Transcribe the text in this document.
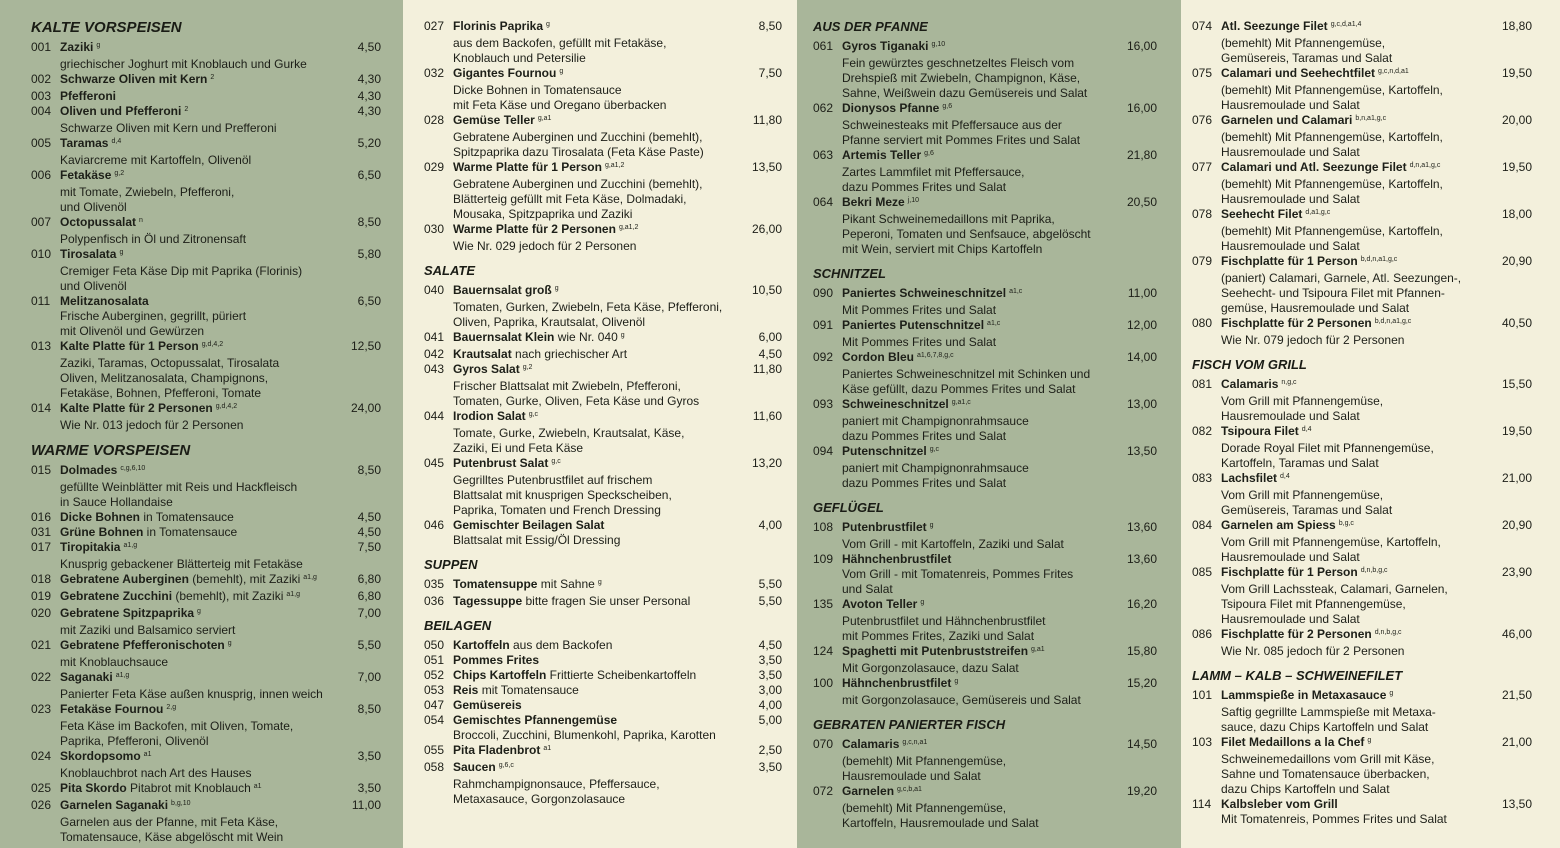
KALTE VORSPEISEN
001 Zaziki $^g$	4,50
griechischer Joghurt mit Knoblauch und Gurke
002 Schwarze Oliven mit Kern $^2$	4,30
003 Pfefferoni	4,30
004 Oliven und Pfefferoni $^2$	4,30
Schwarze Oliven mit Kern und Prefferoni
005 Taramas $^{d,4}$	5,20
Kaviarcreme mit Kartoffeln, Olivenöl
006 Fetakäse $^{g,2}$	6,50
mit Tomate, Zwiebeln, Pfefferoni,
und Olivenöl
007 Octopussalat $^n$	8,50
Polypenfisch in Öl und Zitronensaft
010 Tirosalata $^g$	5,80
Cremiger Feta Käse Dip mit Paprika (Florinis)
und Olivenöl
011 Melitzanosalata	6,50
Frische Auberginen, gegrillt, püriert
mit Olivenöl und Gewürzen
013 Kalte Platte für 1 Person $^{g,d,4,2}$	12,50
Zaziki, Taramas, Octopussalat, Tirosalata
Oliven, Melitzanosalata, Champignons,
Fetakäse, Bohnen, Pfefferoni, Tomate
014 Kalte Platte für 2 Personen $^{g,d,4,2}$	24,00
Wie Nr. 013 jedoch für 2 Personen
WARME VORSPEISEN
015 Dolmades $^{c,g,6,10}$	8,50
gefüllte Weinblätter mit Reis und Hackfleisch
in Sauce Hollandaise
016 Dicke Bohnen in Tomatensauce	4,50
031 Grüne Bohnen in Tomatensauce	4,50
017 Tiropitakia $^{a1,g}$	7,50
Knusprig gebackener Blätterteig mit Fetakäse
018 Gebratene Auberginen (bemehlt), mit Zaziki $^{a1,g}$	6,80
019 Gebratene Zucchini (bemehlt), mit Zaziki $^{a1,g}$	6,80
020 Gebratene Spitzpaprika $^g$	7,00
mit Zaziki und Balsamico serviert
021 Gebratene Pfefferonischoten $^g$	5,50
mit Knoblauchsauce
022 Saganaki $^{a1,g}$	7,00
Panierter Feta Käse außen knusprig, innen weich
023 Fetakäse Fournou $^{2,g}$	8,50
Feta Käse im Backofen, mit Oliven, Tomate,
Paprika, Pfefferoni, Olivenöl
024 Skordopsomo $^{a1}$	3,50
Knoblauchbrot nach Art des Hauses
025 Pita Skordo Pitabrot mit Knoblauch $^{a1}$	3,50
026 Garnelen Saganaki $^{b,g,10}$	11,00
Garnelen aus der Pfanne, mit Feta Käse,
Tomatensauce, Käse abgelöscht mit Wein
027 Florinis Paprika $^g$	8,50
aus dem Backofen, gefüllt mit Fetakäse,
Knoblauch und Petersilie
032 Gigantes Fournou $^g$	7,50
Dicke Bohnen in Tomatensauce
mit Feta Käse und Oregano überbacken
028 Gemüse Teller $^{g,a1}$	11,80
Gebratene Auberginen und Zucchini (bemehlt),
Spitzpaprika dazu Tirosalata (Feta Käse Paste)
029 Warme Platte für 1 Person $^{g,a1,2}$	13,50
Gebratene Auberginen und Zucchini (bemehlt),
Blätterteig gefüllt mit Feta Käse, Dolmadaki,
Mousaka, Spitzpaprika und Zaziki
030 Warme Platte für 2 Personen $^{g,a1,2}$	26,00
Wie Nr. 029 jedoch für 2 Personen
SALATE
040 Bauernsalat groß $^g$	10,50
Tomaten, Gurken, Zwiebeln, Feta Käse, Pfefferoni,
Oliven, Paprika, Krautsalat, Olivenöl
041 Bauernsalat Klein wie Nr. 040 $^g$	6,00
042 Krautsalat nach griechischer Art	4,50
043 Gyros Salat $^{g,2}$	11,80
Frischer Blattsalat mit Zwiebeln, Pfefferoni,
Tomaten, Gurke, Oliven, Feta Käse und Gyros
044 Irodion Salat $^{g,c}$	11,60
Tomate, Gurke, Zwiebeln, Krautsalat, Käse,
Zaziki, Ei und Feta Käse
045 Putenbrust Salat $^{g,c}$	13,20
Gegrilltes Putenbrustfilet auf frischem
Blattsalat mit knusprigen Speckscheiben,
Paprika, Tomaten und French Dressing
046 Gemischter Beilagen Salat	4,00
Blattsalat mit Essig/Öl Dressing
SUPPEN
035 Tomatensuppe mit Sahne $^g$	5,50
036 Tagessuppe bitte fragen Sie unser Personal	5,50
BEILAGEN
050 Kartoffeln aus dem Backofen	4,50
051 Pommes Frites	3,50
052 Chips Kartoffeln Frittierte Scheibenkartoffeln	3,50
053 Reis mit Tomatensauce	3,00
047 Gemüsereis	4,00
054 Gemischtes Pfannengemüse	5,00
Broccoli, Zucchini, Blumenkohl, Paprika, Karotten
055 Pita Fladenbrot $^{a1}$	2,50
058 Saucen $^{g,6,c}$	3,50
Rahmchampignonsauce, Pfeffersauce,
Metaxasauce, Gorgonzolasauce
AUS DER PFANNE
061 Gyros Tiganaki $^{g,10}$	16,00
Fein gewürztes geschnetzeltes Fleisch vom
Drehspieß mit Zwiebeln, Champignon, Käse,
Sahne, Weißwein dazu Gemüsereis und Salat
062 Dionysos Pfanne $^{g,6}$	16,00
Schweinesteaks mit Pfeffersauce aus der
Pfanne serviert mit Pommes Frites und Salat
063 Artemis Teller $^{g,6}$	21,80
Zartes Lammfilet mit Pfeffersauce,
dazu Pommes Frites und Salat
064 Bekri Meze $^{j,10}$	20,50
Pikant Schweinemedaillons mit Paprika,
Peperoni, Tomaten und Senfsauce, abgelöscht
mit Wein, serviert mit Chips Kartoffeln
SCHNITZEL
090 Paniertes Schweineschnitzel $^{a1,c}$	11,00
Mit Pommes Frites und Salat
091 Paniertes Putenschnitzel $^{a1,c}$	12,00
Mit Pommes Frites und Salat
092 Cordon Bleu $^{a1,6,7,8,g,c}$	14,00
Paniertes Schweineschnitzel mit Schinken und
Käse gefüllt, dazu Pommes Frites und Salat
093 Schweineschnitzel $^{g,a1,c}$	13,00
paniert mit Champignonrahmsauce
dazu Pommes Frites und Salat
094 Putenschnitzel $^{g,c}$	13,50
paniert mit Champignonrahmsauce
dazu Pommes Frites und Salat
GEFLÜGEL
108 Putenbrustfilet $^g$	13,60
Vom Grill - mit Kartoffeln, Zaziki und Salat
109 Hähnchenbrustfilet	13,60
Vom Grill - mit Tomatenreis, Pommes Frites
und Salat
135 Avoton Teller $^g$	16,20
Putenbrustfilet und Hähnchenbrustfilet
mit Pommes Frites, Zaziki und Salat
124 Spaghetti mit Putenbruststreifen $^{g,a1}$	15,80
Mit Gorgonzolasauce, dazu Salat
100 Hähnchenbrustfilet $^g$	15,20
mit Gorgonzolasauce, Gemüsereis und Salat
GEBRATEN PANIERTER FISCH
070 Calamaris $^{g,c,n,a1}$	14,50
(bemehlt) Mit Pfannengemüse,
Hausremoulade und Salat
072 Garnelen $^{g,c,b,a1}$	19,20
(bemehlt) Mit Pfannengemüse,
Kartoffeln, Hausremoulade und Salat
074 Atl. Seezunge Filet $^{g,c,d,a1,4}$	18,80
(bemehlt) Mit Pfannengemüse,
Gemüsereis, Taramas und Salat
075 Calamari und Seehechtfilet $^{g,c,n,d,a1}$	19,50
(bemehlt) Mit Pfannengemüse, Kartoffeln,
Hausremoulade und Salat
076 Garnelen und Calamari $^{b,n,a1,g,c}$	20,00
(bemehlt) Mit Pfannengemüse, Kartoffeln,
Hausremoulade und Salat
077 Calamari und Atl. Seezunge Filet $^{d,n,a1,g,c}$	19,50
(bemehlt) Mit Pfannengemüse, Kartoffeln,
Hausremoulade und Salat
078 Seehecht Filet $^{d,a1,g,c}$	18,00
(bemehlt) Mit Pfannengemüse, Kartoffeln,
Hausremoulade und Salat
079 Fischplatte für 1 Person $^{b,d,n,a1,g,c}$	20,90
(paniert) Calamari, Garnele, Atl. Seezungen-,
Seehecht- und Tsipoura Filet mit Pfannen-
gemüse, Hausremoulade und Salat
080 Fischplatte für 2 Personen $^{b,d,n,a1,g,c}$	40,50
Wie Nr. 079 jedoch für 2 Personen
FISCH VOM GRILL
081 Calamaris $^{n,g,c}$	15,50
Vom Grill mit Pfannengemüse,
Hausremoulade und Salat
082 Tsipoura Filet $^{d,4}$	19,50
Dorade Royal Filet mit Pfannengemüse,
Kartoffeln, Taramas und Salat
083 Lachsfilet $^{d,4}$	21,00
Vom Grill mit Pfannengemüse,
Gemüsereis, Taramas und Salat
084 Garnelen am Spiess $^{b,g,c}$	20,90
Vom Grill mit Pfannengemüse, Kartoffeln,
Hausremoulade und Salat
085 Fischplatte für 1 Person $^{d,n,b,g,c}$	23,90
Vom Grill Lachssteak, Calamari, Garnelen,
Tsipoura Filet mit Pfannengemüse,
Hausremoulade und Salat
086 Fischplatte für 2 Personen $^{d,n,b,g,c}$	46,00
Wie Nr. 085 jedoch für 2 Personen
LAMM – KALB – SCHWEINEFILET
101 Lammspieße in Metaxasauce $^g$	21,50
Saftig gegrillte Lammspieße mit Metaxa-
sauce, dazu Chips Kartoffeln und Salat
103 Filet Medaillons a la Chef $^g$	21,00
Schweinemedaillons vom Grill mit Käse,
Sahne und Tomatensauce überbacken,
dazu Chips Kartoffeln und Salat
114 Kalbsleber vom Grill	13,50
Mit Tomatenreis, Pommes Frites und Salat
